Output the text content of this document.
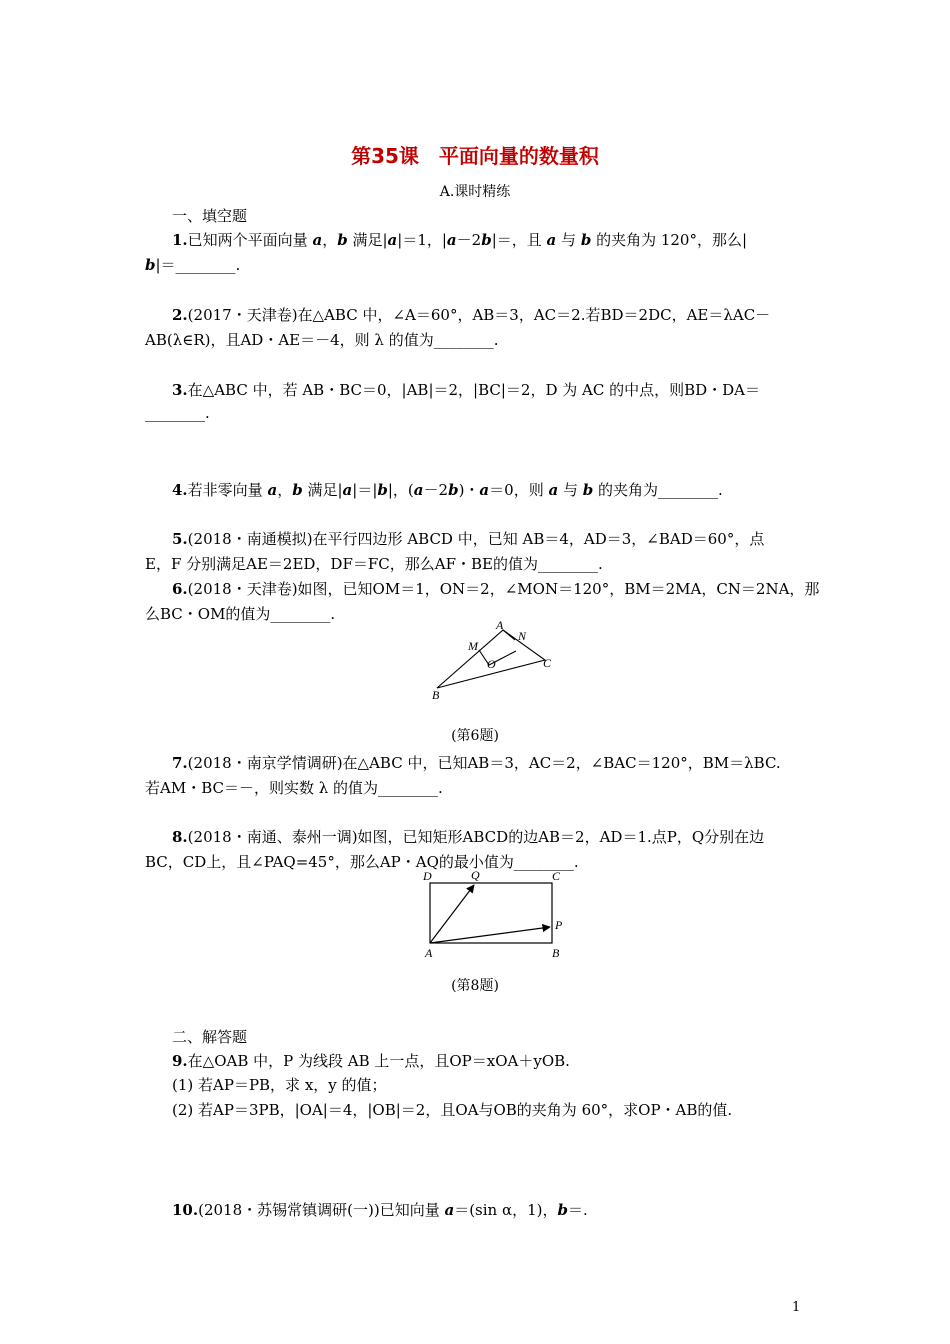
第35课　平面向量的数量积
A.课时精练
一、填空题
1.已知两个平面向量 a，b 满足|a|＝1，|a－2b|＝，且 a 与 b 的夹角为 120°，那么|
b|＝________.
2.(2017・天津卷)在△ABC 中，∠A＝60°，AB＝3，AC＝2.若BD＝2DC，AE＝λAC－
AB(λ∈R)，且AD・AE＝－4，则 λ 的值为________.
3.在△ABC 中，若 AB・BC＝0，|AB|＝2，|BC|＝2，D 为 AC 的中点，则BD・DA＝
________.
4.若非零向量 a，b 满足|a|＝|b|，(a－2b)・a＝0，则 a 与 b 的夹角为________.
5.(2018・南通模拟)在平行四边形 ABCD 中，已知 AB＝4，AD＝3，∠BAD＝60°，点
E，F 分别满足AE＝2ED，DF＝FC，那么AF・BE的值为________.
6.(2018・天津卷)如图，已知OM＝1，ON＝2，∠MON＝120°，BM＝2MA，CN＝2NA，那
么BC・OM的值为________.
A
N
M
O	C
B
(第6题)
7.(2018・南京学情调研)在△ABC 中，已知AB＝3，AC＝2，∠BAC＝120°，BM＝λBC.
若AM・BC＝－，则实数 λ 的值为________.
8.(2018・南通、泰州一调)如图，已知矩形ABCD的边AB＝2，AD＝1.点P，Q分别在边
BC，CD上，且∠PAQ=45°，那么AP・AQ的最小值为________.
D	Q	C
P
A	B
(第8题)
二、解答题
9.在△OAB 中，P 为线段 AB 上一点，且OP＝xOA＋yOB.
(1) 若AP＝PB，求 x，y 的值；
(2) 若AP＝3PB，|OA|＝4，|OB|＝2，且OA与OB的夹角为 60°，求OP・AB的值.
10.(2018・苏锡常镇调研(一))已知向量 a＝(sin α，1)，b＝.
1
